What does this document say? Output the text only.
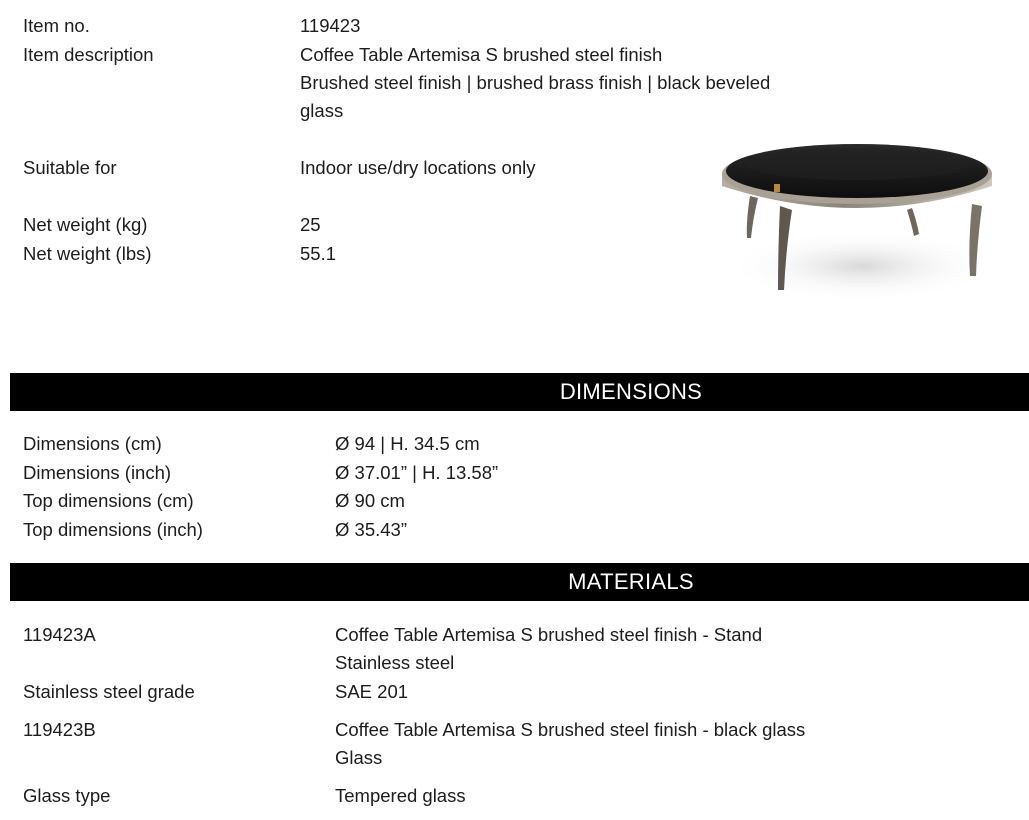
Item no.	119423
Item description	Coffee Table Artemisa S brushed steel finish
Brushed steel finish | brushed brass finish | black beveled
glass
Suitable for	Indoor use/dry locations only
Net weight (kg)	25
Net weight (lbs)	55.1
DIMENSIONS
Dimensions (cm)	Ø 94 | H. 34.5 cm
Dimensions (inch)	Ø 37.01” | H. 13.58”
Top dimensions (cm)	Ø 90 cm
Top dimensions (inch)	Ø 35.43”
MATERIALS
119423A	Coffee Table Artemisa S brushed steel finish - Stand
Stainless steel
Stainless steel grade	SAE 201
119423B	Coffee Table Artemisa S brushed steel finish - black glass
Glass
Glass type	Tempered glass
